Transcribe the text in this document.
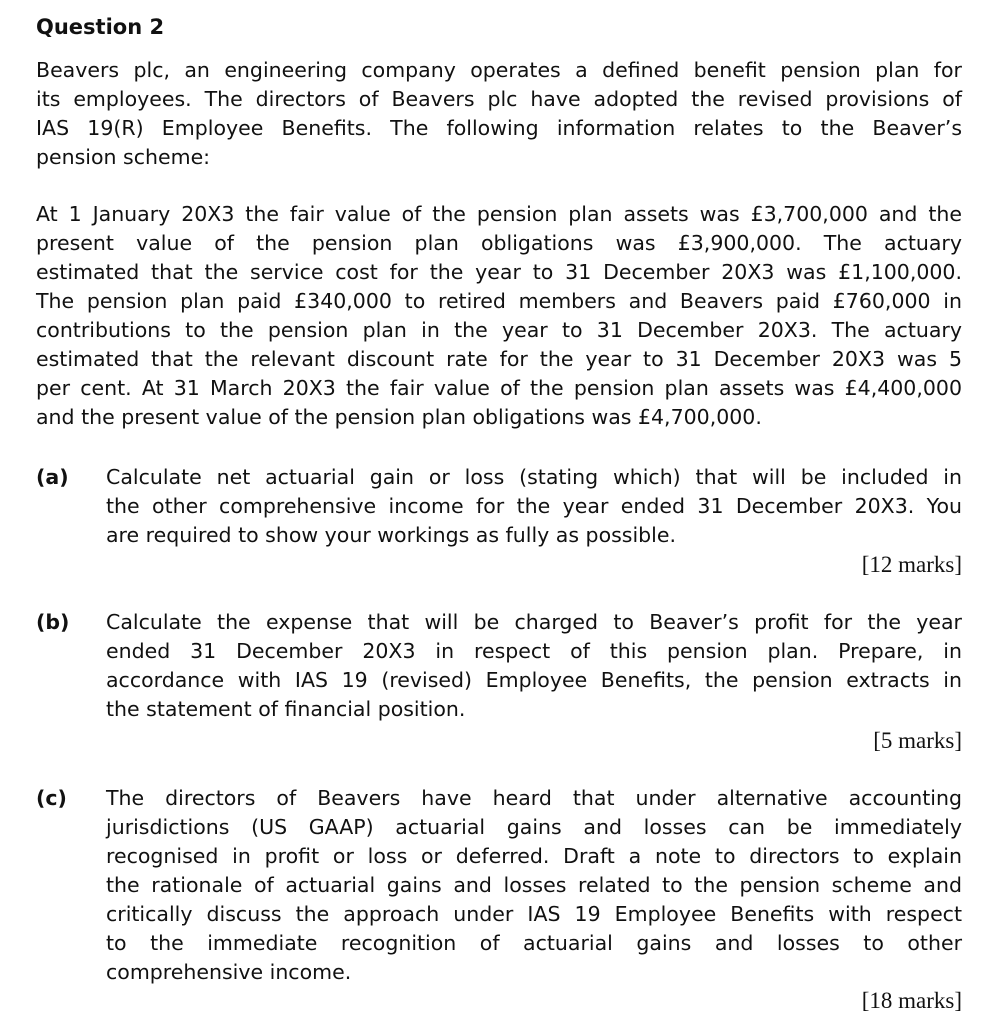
Question 2
Beavers plc, an engineering company operates a defined benefit pension plan for
its employees. The directors of Beavers plc have adopted the revised provisions of
IAS 19(R) Employee Benefits. The following information relates to the Beaver’s
pension scheme:
At 1 January 20X3 the fair value of the pension plan assets was £3,700,000 and the
present value of the pension plan obligations was £3,900,000. The actuary
estimated that the service cost for the year to 31 December 20X3 was £1,100,000.
The pension plan paid £340,000 to retired members and Beavers paid £760,000 in
contributions to the pension plan in the year to 31 December 20X3. The actuary
estimated that the relevant discount rate for the year to 31 December 20X3 was 5
per cent. At 31 March 20X3 the fair value of the pension plan assets was £4,400,000
and the present value of the pension plan obligations was £4,700,000.
(a) Calculate net actuarial gain or loss (stating which) that will be included in
the other comprehensive income for the year ended 31 December 20X3. You
are required to show your workings as fully as possible.
[12 marks]
(b) Calculate the expense that will be charged to Beaver’s profit for the year
ended 31 December 20X3 in respect of this pension plan. Prepare, in
accordance with IAS 19 (revised) Employee Benefits, the pension extracts in
the statement of financial position.
[5 marks]
(c) The directors of Beavers have heard that under alternative accounting
jurisdictions (US GAAP) actuarial gains and losses can be immediately
recognised in profit or loss or deferred. Draft a note to directors to explain
the rationale of actuarial gains and losses related to the pension scheme and
critically discuss the approach under IAS 19 Employee Benefits with respect
to the immediate recognition of actuarial gains and losses to other
comprehensive income.
[18 marks]
